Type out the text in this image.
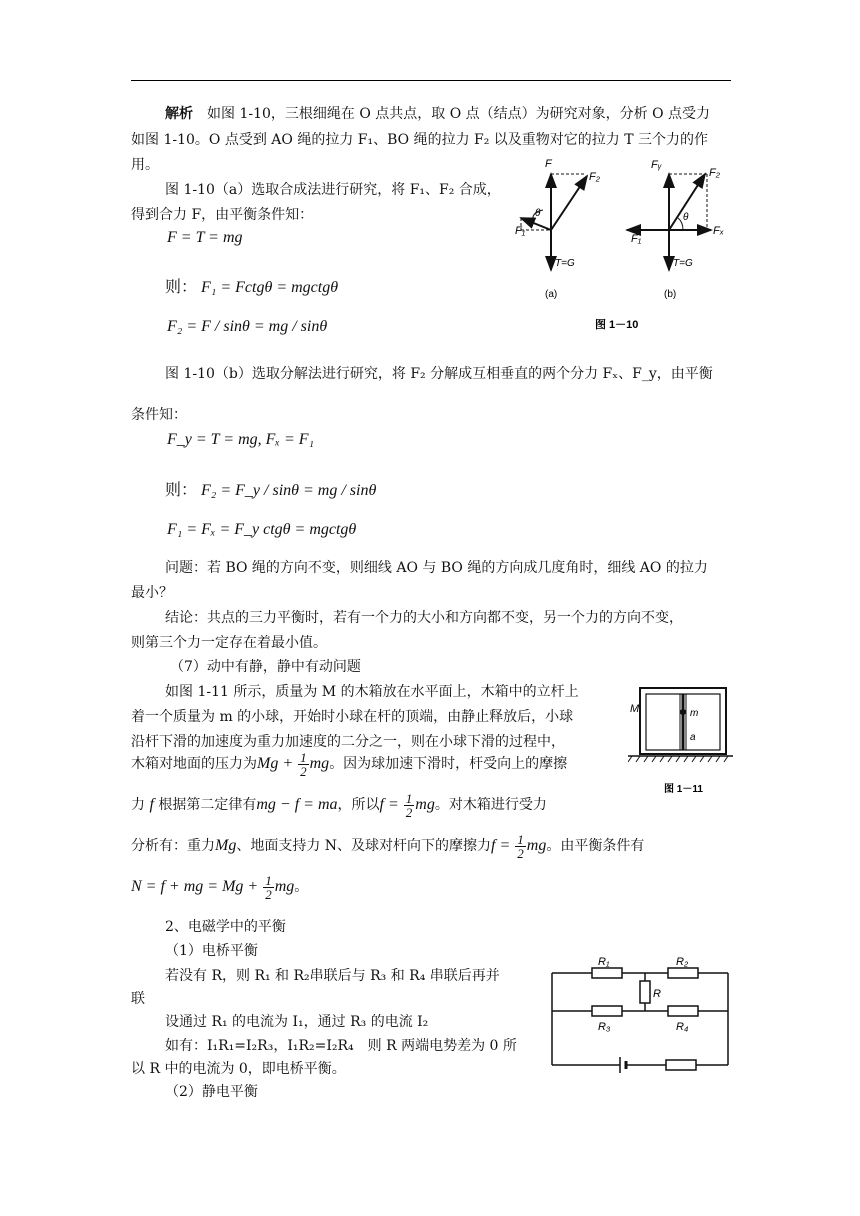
解析　如图 1-10，三根细绳在 O 点共点，取 O 点（结点）为研究对象，分析 O 点受力
如图 1-10。O 点受到 AO 绳的拉力 F₁、BO 绳的拉力 F₂ 以及重物对它的拉力 T 三个力的作
用。
图 1-10（a）选取合成法进行研究，将 F₁、F₂ 合成，
得到合力 F，由平衡条件知：
F = T = mg
则： F₁ = Fctgθ = mgctgθ
F₂ = F / sinθ = mg / sinθ
F
F₂
F₁
θ
T=G
(a)
Fᵧ
F₂
F₁
Fₓ
θ
T=G
(b)
图 1－10
图 1-10（b）选取分解法进行研究，将 F₂ 分解成互相垂直的两个分力 Fₓ、F_y，由平衡
条件知：
F_y = T = mg, Fₓ = F₁
则： F₂ = F_y / sinθ = mg / sinθ
F₁ = Fₓ = F_y ctgθ = mgctgθ
问题：若 BO 绳的方向不变，则细线 AO 与 BO 绳的方向成几度角时，细线 AO 的拉力
最小？
结论：共点的三力平衡时，若有一个力的大小和方向都不变，另一个力的方向不变，
则第三个力一定存在着最小值。
（7）动中有静，静中有动问题
如图 1-11 所示，质量为 M 的木箱放在水平面上，木箱中的立杆上
着一个质量为 m 的小球，开始时小球在杆的顶端，由静止释放后，小球
沿杆下滑的加速度为重力加速度的二分之一，则在小球下滑的过程中，
木箱对地面的压力为$Mg + \frac{1}{2}$ mg。因为球加速下滑时，杆受向上的摩擦
力 f 根据第二定律有mg − f = ma，所以$f = \frac{1}{2}$ mg。对木箱进行受力
分析有：重力Mg、地面支持力 N、及球对杆向下的摩擦力$f = \frac{1}{2}$ mg。由平衡条件有
N = f + mg = $Mg + \frac{1}{2}$ mg。
M	m
a
图 1－11
2、电磁学中的平衡
（1）电桥平衡
若没有 R，则 R₁ 和 R₂串联后与 R₃ 和 R₄ 串联后再并
联
设通过 R₁ 的电流为 I₁，通过 R₃ 的电流 I₂
如有：I₁R₁=I₂R₃，I₁R₂=I₂R₄　则 R 两端电势差为 0 所
以 R 中的电流为 0，即电桥平衡。
（2）静电平衡
R₁	R₂
R
R₃	R₄
